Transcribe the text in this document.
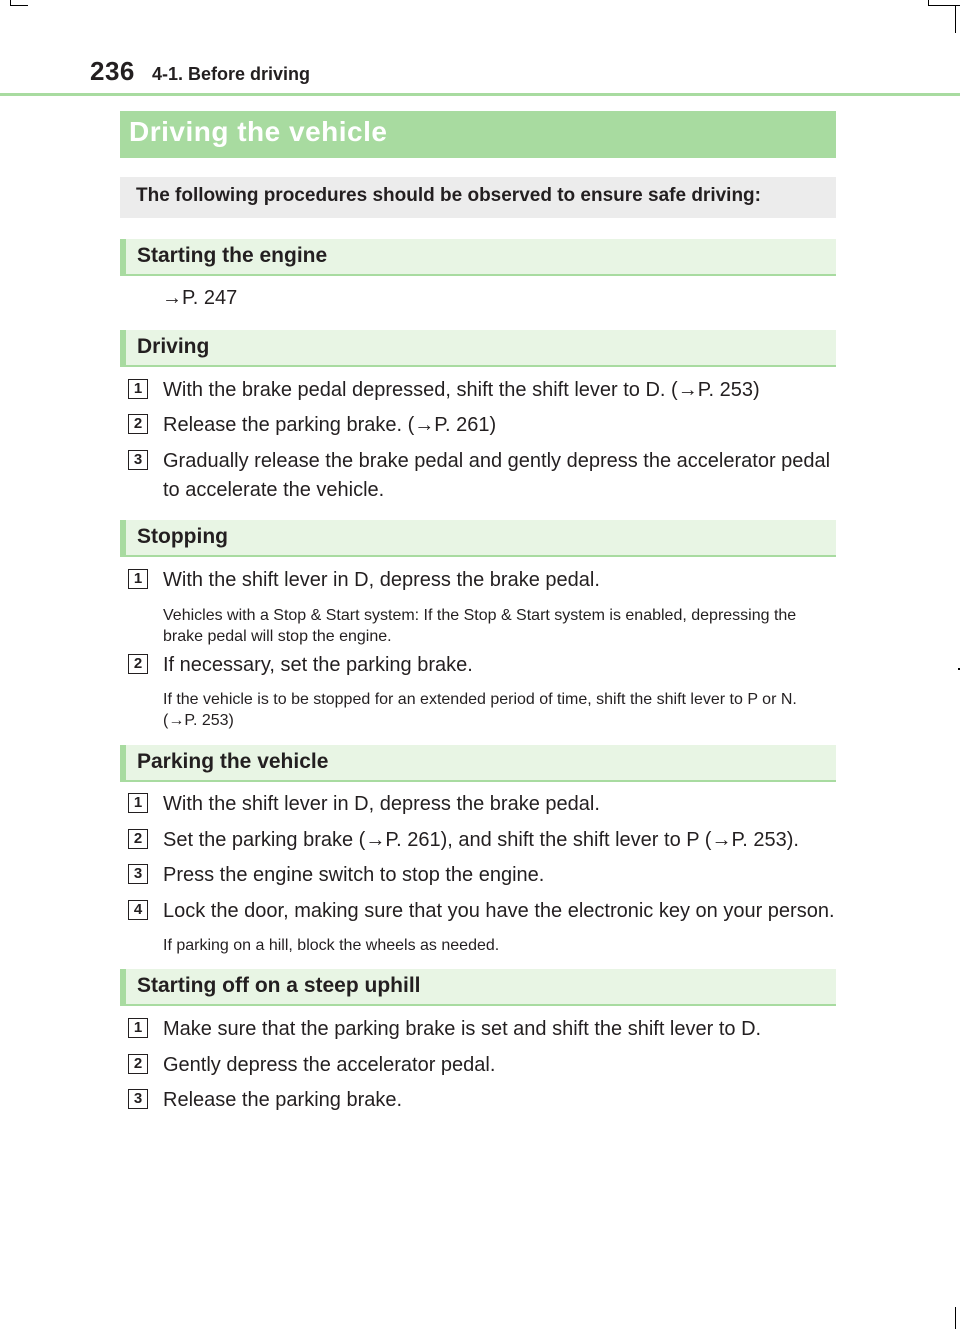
236 4-1. Before driving
Driving the vehicle
The following procedures should be observed to ensure safe driving:
Starting the engine
→P. 247
Driving
1 With the brake pedal depressed, shift the shift lever to D. (→P. 253)
2 Release the parking brake. (→P. 261)
3 Gradually release the brake pedal and gently depress the accelerator pedal to accelerate the vehicle.
Stopping
1 With the shift lever in D, depress the brake pedal.
Vehicles with a Stop & Start system: If the Stop & Start system is enabled, depressing the brake pedal will stop the engine.
2 If necessary, set the parking brake.
If the vehicle is to be stopped for an extended period of time, shift the shift lever to P or N. (→P. 253)
Parking the vehicle
1 With the shift lever in D, depress the brake pedal.
2 Set the parking brake (→P. 261), and shift the shift lever to P (→P. 253).
3 Press the engine switch to stop the engine.
4 Lock the door, making sure that you have the electronic key on your person.
If parking on a hill, block the wheels as needed.
Starting off on a steep uphill
1 Make sure that the parking brake is set and shift the shift lever to D.
2 Gently depress the accelerator pedal.
3 Release the parking brake.
